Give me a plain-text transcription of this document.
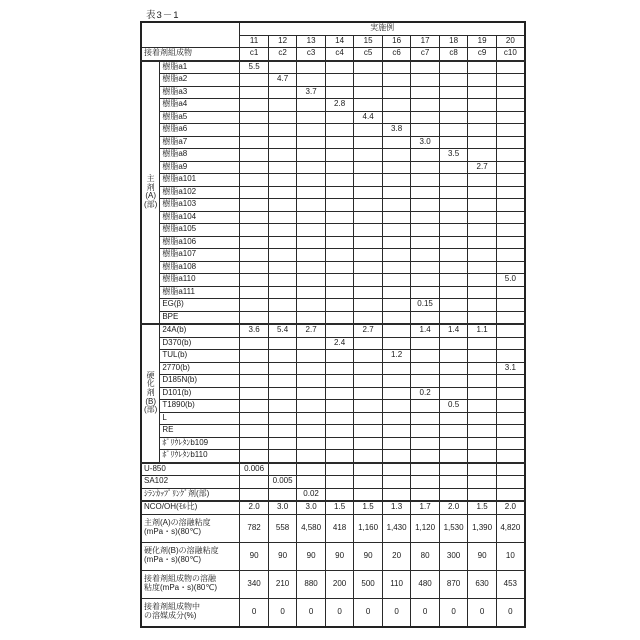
表3－1
		実施例									
		11	12	13	14	15	16	17	18	19	20
接着剤組成物		c1	c2	c3	c4	c5	c6	c7	c8	c9	c10
主剤(A)
(部)	樹脂a1	5.5									
	樹脂a2		4.7								
	樹脂a3			3.7							
	樹脂a4				2.8						
	樹脂a5					4.4					
	樹脂a6						3.8				
	樹脂a7							3.0			
	樹脂a8								3.5		
	樹脂a9									2.7	
	樹脂a101										
	樹脂a102										
	樹脂a103										
	樹脂a104										
	樹脂a105										
	樹脂a106										
	樹脂a107										
	樹脂a108										
	樹脂a110										5.0
	樹脂a111										
	EG(β)							0.15			
	BPE										
硬化剤
(B)
(部)	24A(b)	3.6	5.4	2.7		2.7		1.4	1.4	1.1	
	D370(b)				2.4						
	TUL(b)						1.2				
	2770(b)										3.1
	D185N(b)										
	D101(b)							0.2			
	T1890(b)								0.5		
	L										
	RE										
	ﾎﾟﾘｳﾚﾀﾝb109										
	ﾎﾟﾘｳﾚﾀﾝb110										
U-850		0.006									
SA102			0.005								
ｼﾗﾝｶｯﾌﾟﾘﾝｸﾞ剤(部)				0.02							
NCO/OH(ﾓﾙ比)		2.0	3.0	3.0	1.5	1.5	1.3	1.7	2.0	1.5	2.0
主剤(A)の溶融粘度
(mPa・s)(80℃)		782	558	4,580	418	1,160	1,430	1,120	1,530	1,390	4,820
硬化剤(B)の溶融粘度
(mPa・s)(80℃)		90	90	90	90	90	20	80	300	90	10
接着剤組成物の溶融
粘度(mPa・s)(80℃)		340	210	880	200	500	110	480	870	630	453
接着剤組成物中
の溶媒成分(%)		0	0	0	0	0	0	0	0	0	0
